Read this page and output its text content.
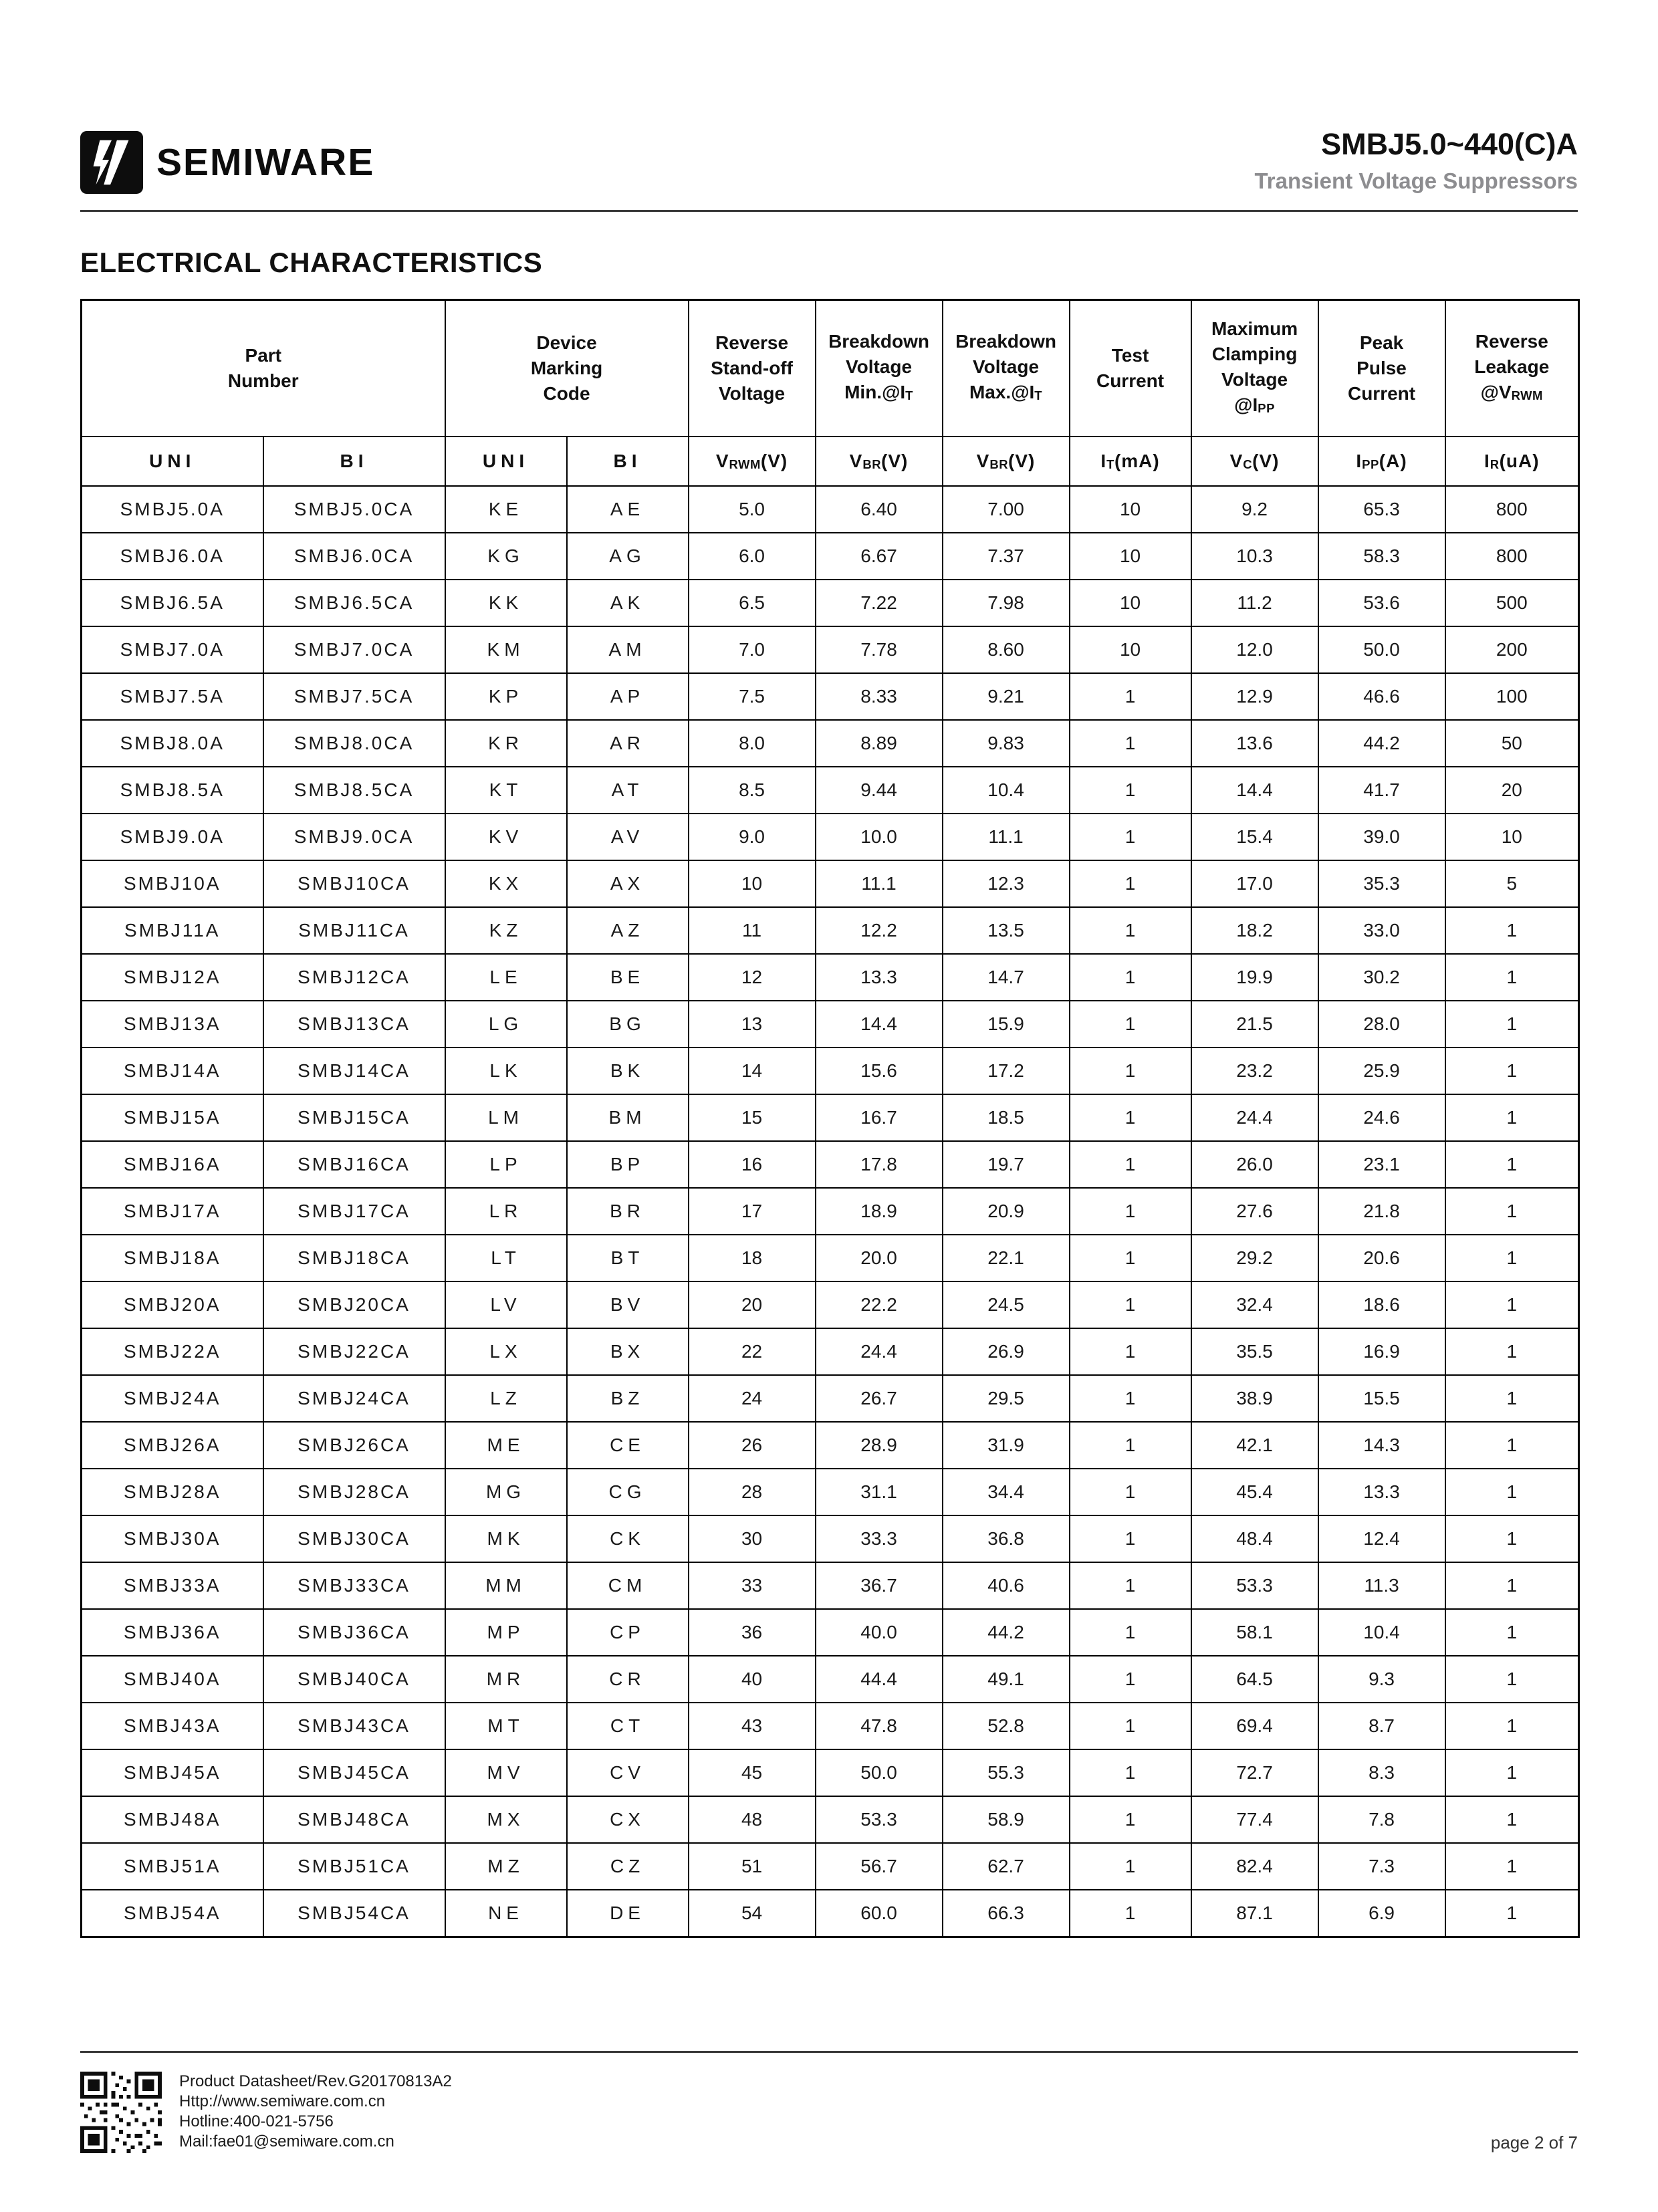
SEMIWARE	SMBJ5.0~440(C)A
Transient Voltage Suppressors
ELECTRICAL CHARACTERISTICS
Part
Number		Device
Marking
Code		Reverse
Stand-off
Voltage	Breakdown
Voltage
Min.@IT	Breakdown
Voltage
Max.@IT	Test
Current	Maximum
Clamping
Voltage
@IPP	Peak
Pulse
Current	Reverse
Leakage
@VRWM
UNI	BI	UNI	BI	VRWM(V)	VBR(V)	VBR(V)	IT(mA)	VC(V)	IPP(A)	IR(uA)
SMBJ5.0A	SMBJ5.0CA	KE	AE	5.0	6.40	7.00	10	9.2	65.3	800
SMBJ6.0A	SMBJ6.0CA	KG	AG	6.0	6.67	7.37	10	10.3	58.3	800
SMBJ6.5A	SMBJ6.5CA	KK	AK	6.5	7.22	7.98	10	11.2	53.6	500
SMBJ7.0A	SMBJ7.0CA	KM	AM	7.0	7.78	8.60	10	12.0	50.0	200
SMBJ7.5A	SMBJ7.5CA	KP	AP	7.5	8.33	9.21	1	12.9	46.6	100
SMBJ8.0A	SMBJ8.0CA	KR	AR	8.0	8.89	9.83	1	13.6	44.2	50
SMBJ8.5A	SMBJ8.5CA	KT	AT	8.5	9.44	10.4	1	14.4	41.7	20
SMBJ9.0A	SMBJ9.0CA	KV	AV	9.0	10.0	11.1	1	15.4	39.0	10
SMBJ10A	SMBJ10CA	KX	AX	10	11.1	12.3	1	17.0	35.3	5
SMBJ11A	SMBJ11CA	KZ	AZ	11	12.2	13.5	1	18.2	33.0	1
SMBJ12A	SMBJ12CA	LE	BE	12	13.3	14.7	1	19.9	30.2	1
SMBJ13A	SMBJ13CA	LG	BG	13	14.4	15.9	1	21.5	28.0	1
SMBJ14A	SMBJ14CA	LK	BK	14	15.6	17.2	1	23.2	25.9	1
SMBJ15A	SMBJ15CA	LM	BM	15	16.7	18.5	1	24.4	24.6	1
SMBJ16A	SMBJ16CA	LP	BP	16	17.8	19.7	1	26.0	23.1	1
SMBJ17A	SMBJ17CA	LR	BR	17	18.9	20.9	1	27.6	21.8	1
SMBJ18A	SMBJ18CA	LT	BT	18	20.0	22.1	1	29.2	20.6	1
SMBJ20A	SMBJ20CA	LV	BV	20	22.2	24.5	1	32.4	18.6	1
SMBJ22A	SMBJ22CA	LX	BX	22	24.4	26.9	1	35.5	16.9	1
SMBJ24A	SMBJ24CA	LZ	BZ	24	26.7	29.5	1	38.9	15.5	1
SMBJ26A	SMBJ26CA	ME	CE	26	28.9	31.9	1	42.1	14.3	1
SMBJ28A	SMBJ28CA	MG	CG	28	31.1	34.4	1	45.4	13.3	1
SMBJ30A	SMBJ30CA	MK	CK	30	33.3	36.8	1	48.4	12.4	1
SMBJ33A	SMBJ33CA	MM	CM	33	36.7	40.6	1	53.3	11.3	1
SMBJ36A	SMBJ36CA	MP	CP	36	40.0	44.2	1	58.1	10.4	1
SMBJ40A	SMBJ40CA	MR	CR	40	44.4	49.1	1	64.5	9.3	1
SMBJ43A	SMBJ43CA	MT	CT	43	47.8	52.8	1	69.4	8.7	1
SMBJ45A	SMBJ45CA	MV	CV	45	50.0	55.3	1	72.7	8.3	1
SMBJ48A	SMBJ48CA	MX	CX	48	53.3	58.9	1	77.4	7.8	1
SMBJ51A	SMBJ51CA	MZ	CZ	51	56.7	62.7	1	82.4	7.3	1
SMBJ54A	SMBJ54CA	NE	DE	54	60.0	66.3	1	87.1	6.9	1
Product Datasheet/Rev.G20170813A2
Http://www.semiware.com.cn
Hotline:400-021-5756
Mail:fae01@semiware.com.cn	page 2 of 7
